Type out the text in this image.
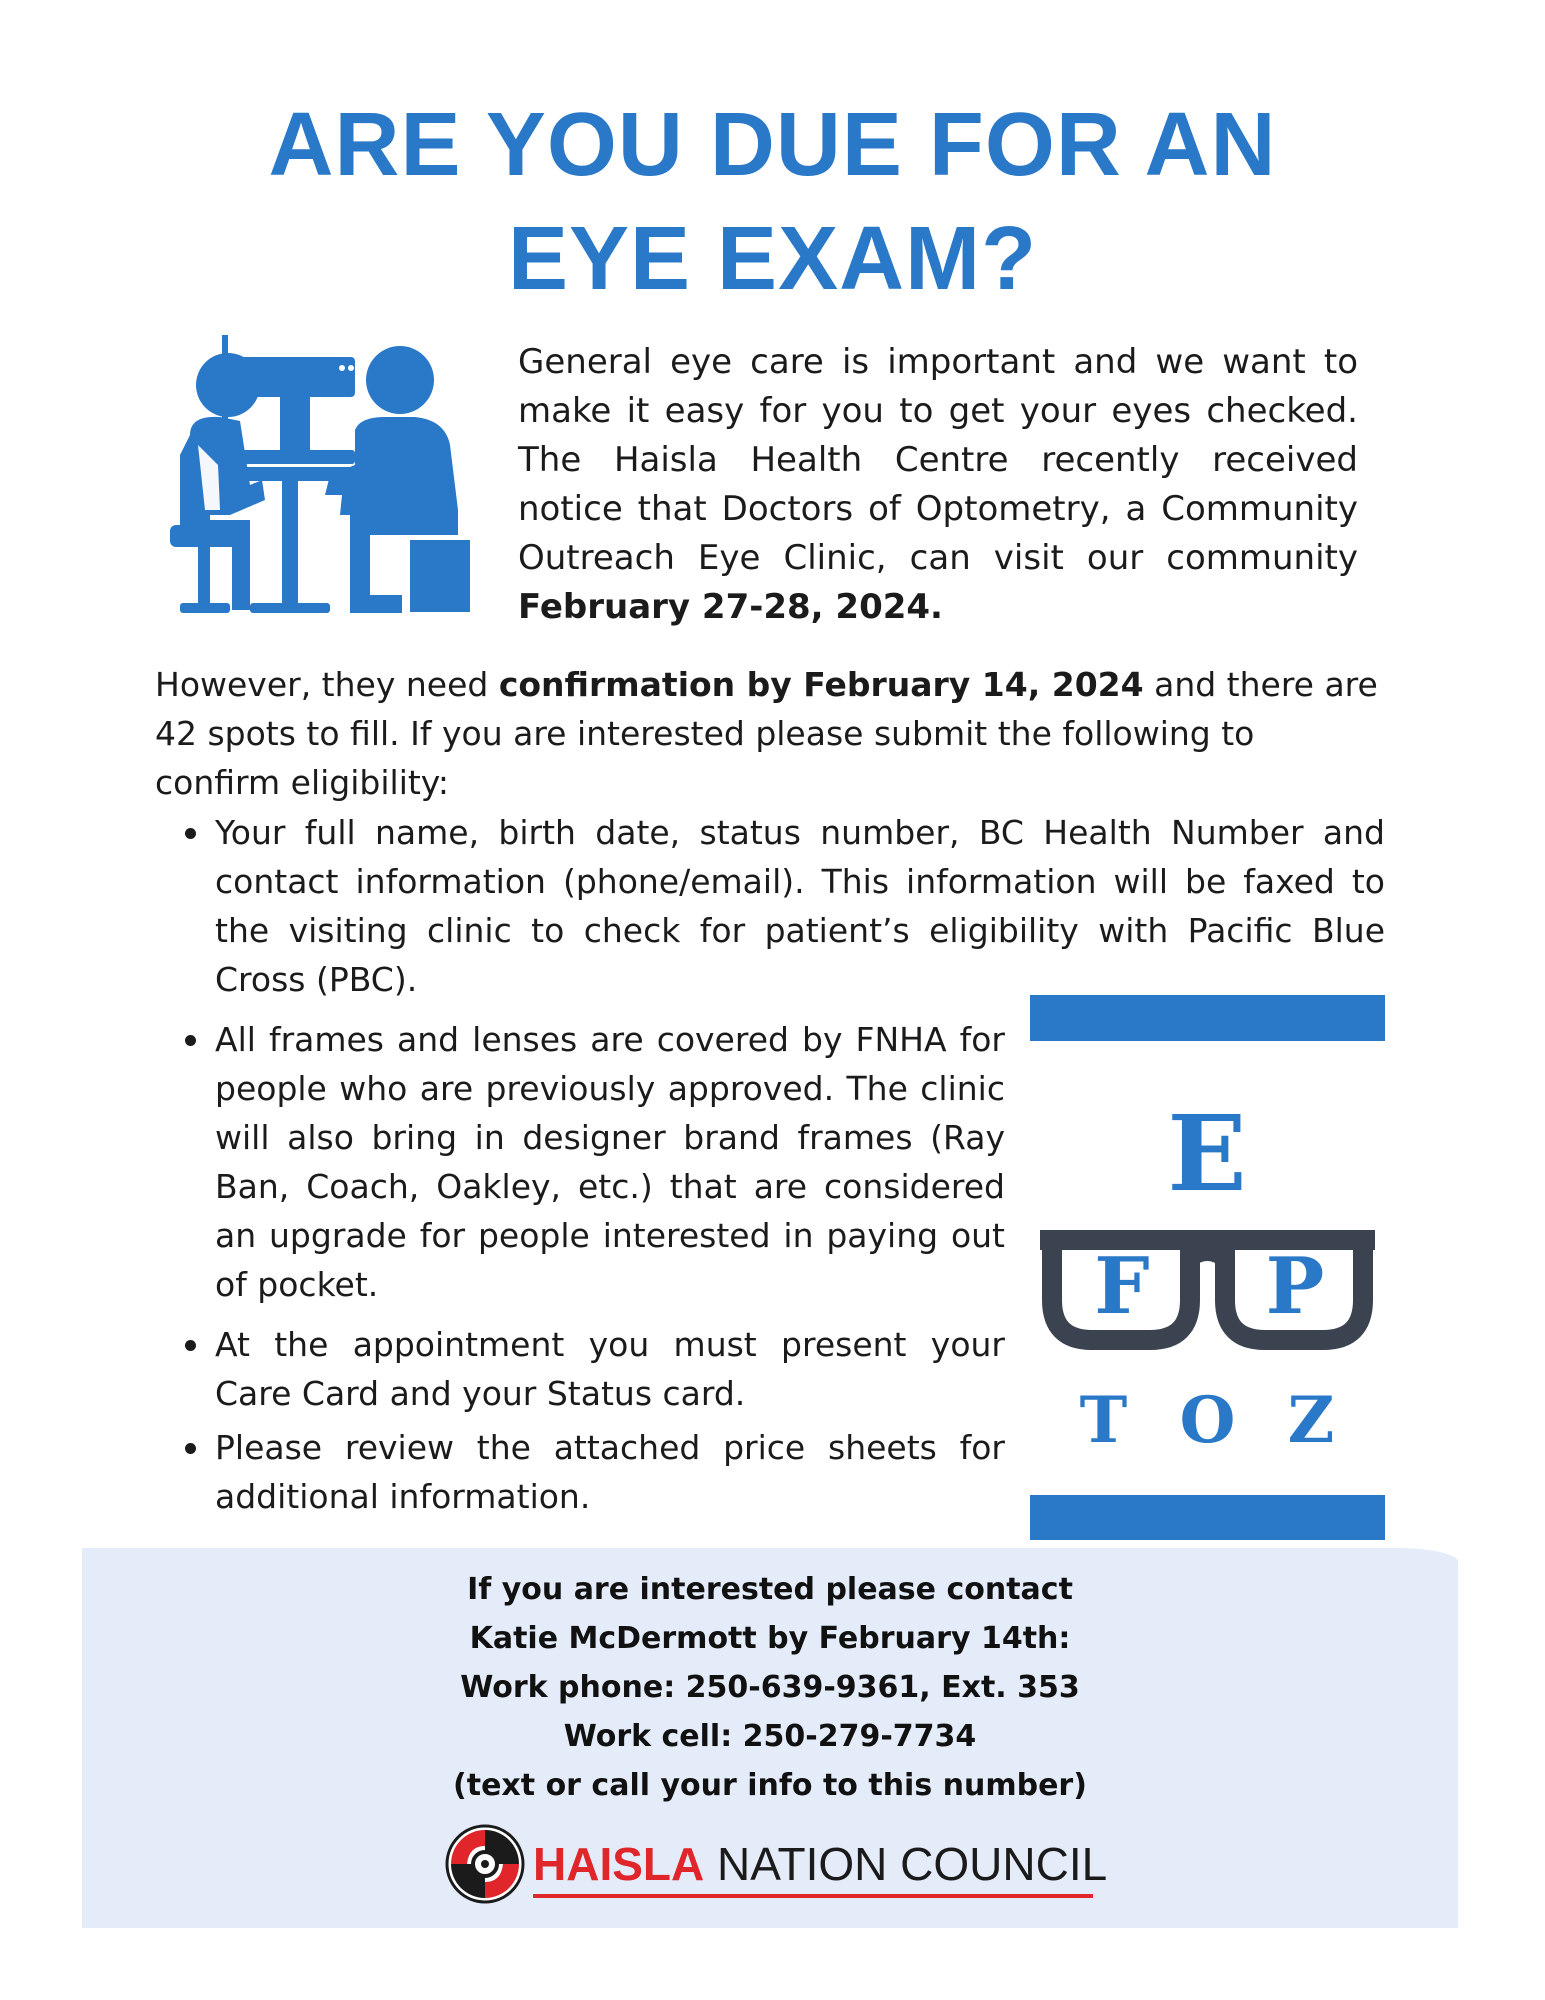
ARE YOU DUE FOR AN
EYE EXAM?
General eye care is important and we want to make it easy for you to get your eyes checked. The Haisla Health Centre recently received notice that Doctors of Optometry, a Community Outreach Eye Clinic, can visit our community February 27-28, 2024.
However, they need confirmation by February 14, 2024 and there are 42 spots to fill. If you are interested please submit the following to confirm eligibility:
Your full name, birth date, status number, BC Health Number and contact information (phone/email). This information will be faxed to the visiting clinic to check for patient’s eligibility with Pacific Blue Cross (PBC).
All frames and lenses are covered by FNHA for people who are previously approved. The clinic will also bring in designer brand frames (Ray Ban, Coach, Oakley, etc.) that are considered an upgrade for people interested in paying out of pocket.
At the appointment you must present your Care Card and your Status card.
Please review the attached price sheets for additional information.
E
F P
T O Z
If you are interested please contact
Katie McDermott by February 14th:
Work phone: 250-639-9361, Ext. 353
Work cell: 250-279-7734
(text or call your info to this number)
HAISLA NATION COUNCIL
